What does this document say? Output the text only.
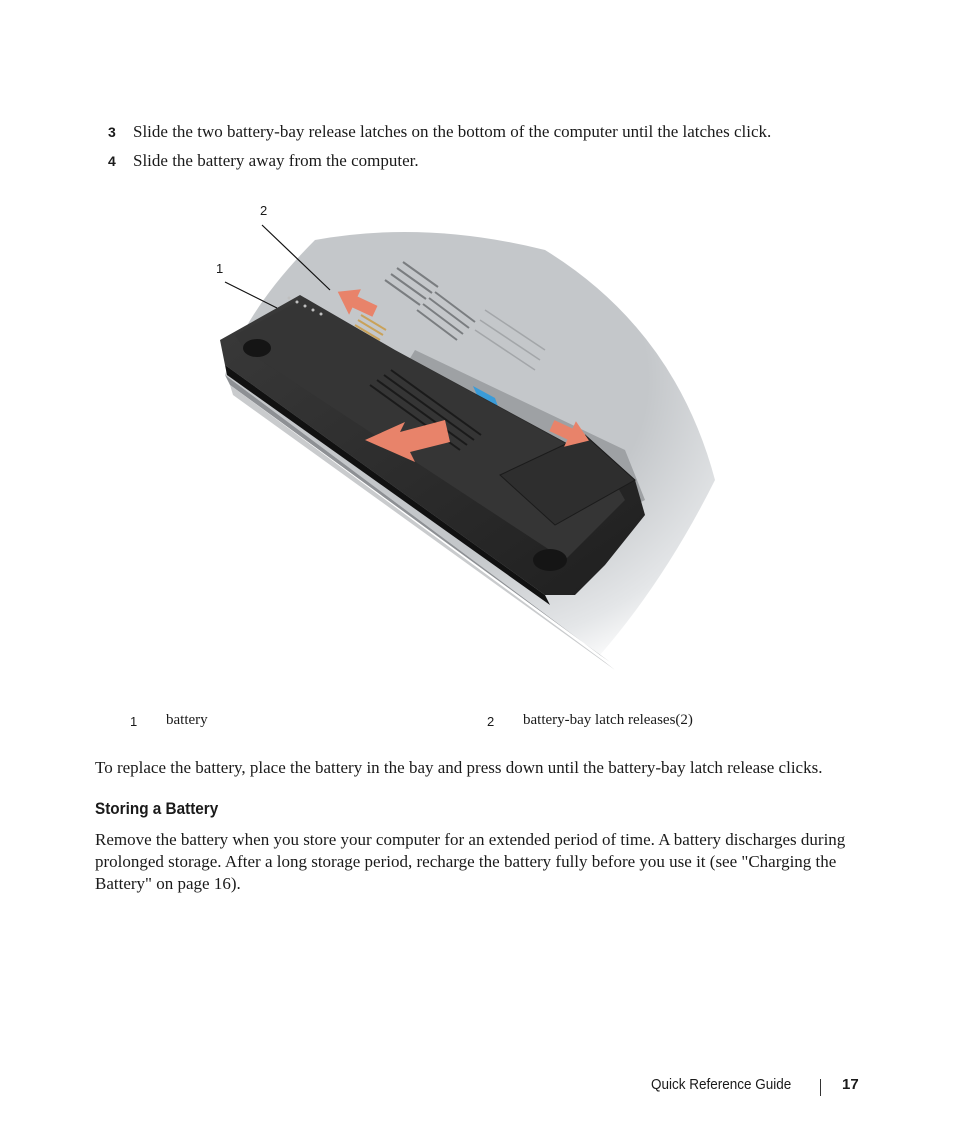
3 Slide the two battery-bay release latches on the bottom of the computer until the latches click.
4 Slide the battery away from the computer.
2
1
1 battery	2 battery-bay latch releases(2)

To replace the battery, place the battery in the bay and press down until the battery-bay latch release clicks.

Storing a Battery

Remove the battery when you store your computer for an extended period of time. A battery discharges during prolonged storage. After a long storage period, recharge the battery fully before you use it (see "Charging the Battery" on page 16).

Quick Reference Guide	17
